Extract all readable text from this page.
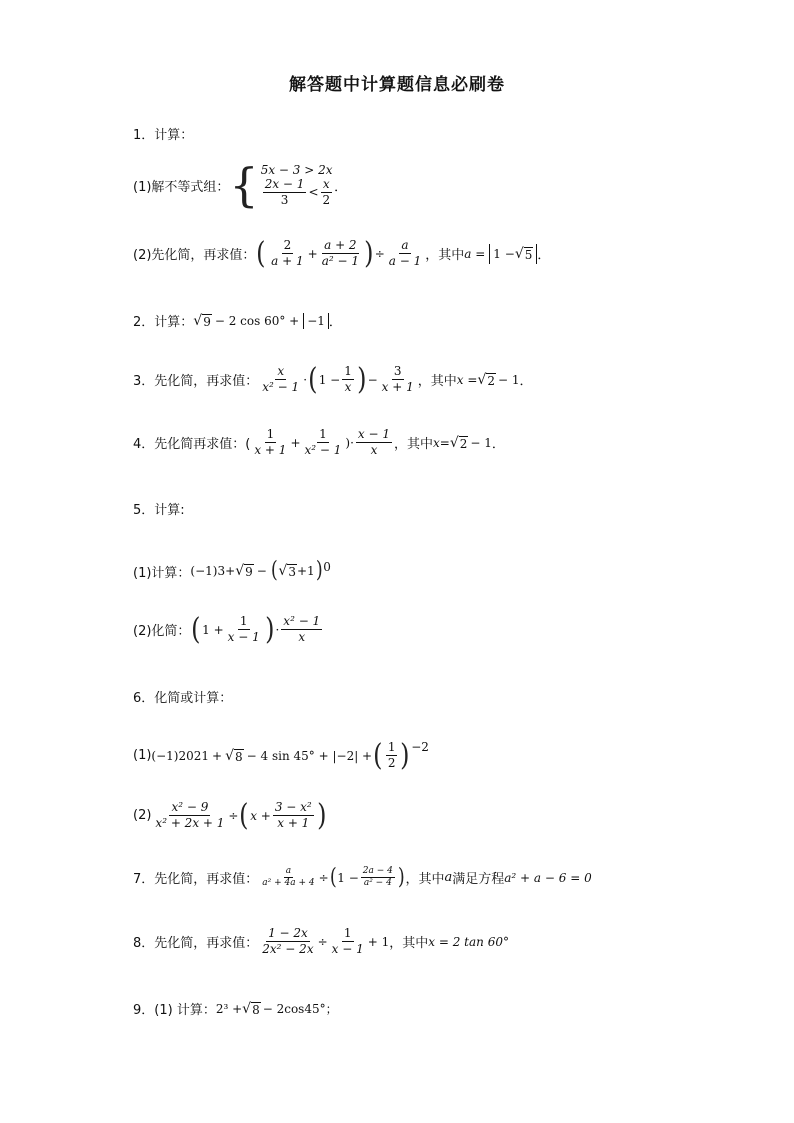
解答题中计算题信息必刷卷
1．计算：
(1)解不等式组： { 5x − 3 > 2x
$\frac{2x - 1}{3} < \frac{x}{2}$ ．
(2)先化简，再求值： ( $\frac{2}{a + 1} + \frac{a + 2}{\text{a² − 1}}$ ) ÷ $\frac{a}{a - 1}$ ，其中 a = 1 − √ 5 ．
2．计算： √ 9 − 2 cos 60° + −1 ．
3．先化简，再求值： $\frac{x}{\text{x² − 1}}$ · ( $1 - \frac{1}{x}$ ) − $\frac{3}{x + 1}$ ，其中 x = √ 2 − 1 ．
4．先化简再求值：( $\frac{1}{x + 1} + \frac{1}{\text{x² − 1}}$ )· $\frac{x - 1}{x}$ ，其中 x= √ 2 − 1 ．
5．计算:
(1)计算： (−1) 3 + √ 9 − ( √ 3 +1 ) 0
(2)化简： ( $1 + \frac{1}{x - 1}$ ) · $\frac{\text{x² − 1}}{x}$
6．化简或计算：
(1) (−1) 2021 + √ 8 − 4 sin 45° + |−2| + ( $\frac{1}{2}$ ) −2
$(2) \frac{\text{x² − 9}}{\text{x² + 2x + 1}}$ ÷ ( $x + \frac{\text{3 − x²}}{x + 1}$ )
7．先化简，再求值： $\frac{a}{\text{a² + 4a + 4}}$ ÷ ( $1 - \frac{2a - 4}{\text{a² − 4}}$ ) ，其中 a 满足方程 a² + a − 6 = 0
8．先化简，再求值： $\frac{1 - 2x}{\text{2x² − 2x}} \div \frac{1}{x - 1} + 1$ ，其中 x = 2 tan 60°
9．(1) 计算： 2³ + √ 8 − 2cos45°；
